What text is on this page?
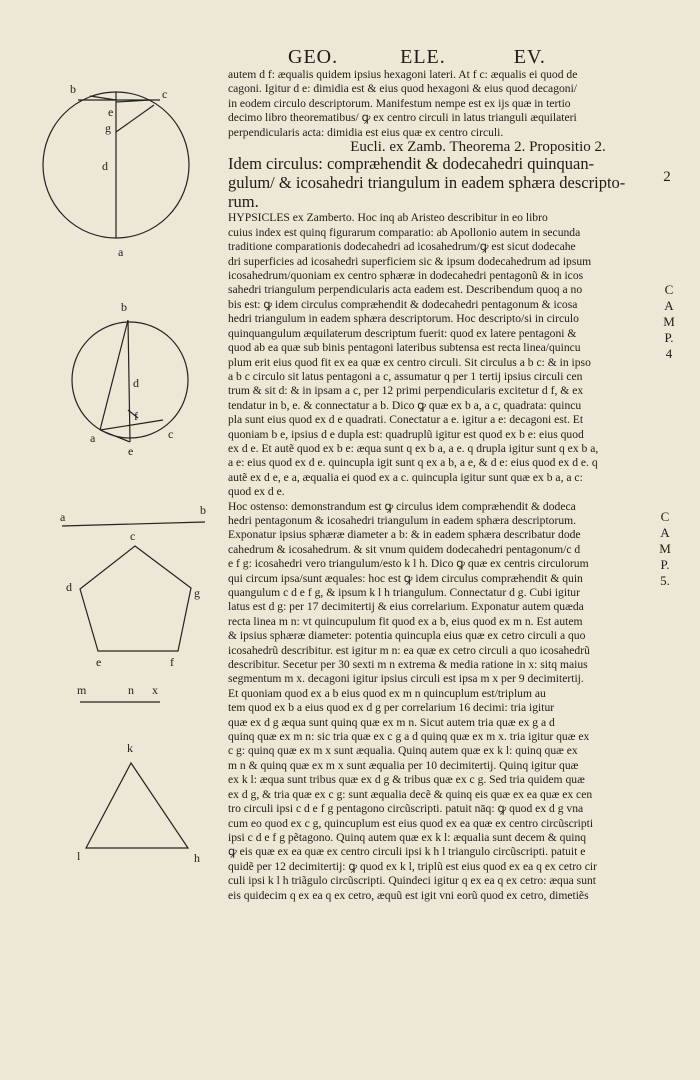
GEO.	ELE.	EV.
b	c
e
g
d
a
b
d
f
a
e
c
a	b
c
d	g
e	f
m	n x
k
l	h

autem d f: æqualis quidem ipsius hexagoni lateri. At f c: æqualis ei quod de

cagoni. Igitur d e: dimidia est & eius quod hexagoni & eius quod decagoni/

in eodem circulo descriptorum. Manifestum nempe est ex ijs quæ in tertio

decimo libro theorematibus/ ꝙ ex centro circuli in latus trianguli æquilateri

perpendicularis acta: dimidia est eius quæ ex centro circuli.

Eucli. ex Zamb. Theorema 2. Propositio 2.

Idem circulus: compræhendit & dodecahedri quinquan-

gulum/ & icosahedri triangulum in eadem sphæra descripto-

rum.

HYPSICLES ex Zamberto. Hoc inq ab Aristeo describitur in eo libro

cuius index est quinq figurarum comparatio: ab Apollonio autem in secunda

traditione comparationis dodecahedri ad icosahedrum/ꝙ est sicut dodecahe

dri superficies ad icosahedri superficiem sic & ipsum dodecahedrum ad ipsum

icosahedrum/quoniam ex centro sphæræ in dodecahedri pentagonũ & in icos

sahedri triangulum perpendicularis acta eadem est. Describendum quoq a no

bis est: ꝙ idem circulus compræhendit & dodecahedri pentagonum & icosa

hedri triangulum in eadem sphæra descriptorum. Hoc descripto/si in circulo

quinquangulum æquilaterum descriptum fuerit: quod ex latere pentagoni &

quod ab ea quæ sub binis pentagoni lateribus subtensa est recta linea/quincu

plum erit eius quod fit ex ea quæ ex centro circuli. Sit circulus a b c: & in ipso

a b c circulo sit latus pentagoni a c, assumatur q per 1 tertij ipsius circuli cen

trum & sit d: & in ipsam a c, per 12 primi perpendicularis excitetur d f, & ex

tendatur in b, e. & connectatur a b. Dico ꝙ quæ ex b a, a c, quadrata: quincu

pla sunt eius quod ex d e quadrati. Conectatur a e. igitur a e: decagoni est. Et

quoniam b e, ipsius d e dupla est: quadruplũ igitur est quod ex b e: eius quod

ex d e. Et autẽ quod ex b e: æqua sunt q ex b a, a e. q drupla igitur sunt q ex b a,

a e: eius quod ex d e. quincupla igit sunt q ex a b, a e, & d e: eius quod ex d e. q

autẽ ex d e, e a, æqualia ei quod ex a c. quincupla igitur sunt quæ ex b a, a c:

quod ex d e.

Hoc ostenso: demonstrandum est ꝙ circulus idem compræhendit & dodeca

hedri pentagonum & icosahedri triangulum in eadem sphæra descriptorum.

Exponatur ipsius sphæræ diameter a b: & in eadem sphæra describatur dode

cahedrum & icosahedrum. & sit vnum quidem dodecahedri pentagonum/c d

e f g: icosahedri vero triangulum/esto k l h. Dico ꝙ quæ ex centris circulorum

qui circum ipsa/sunt æquales: hoc est ꝙ idem circulus compræhendit & quin

quangulum c d e f g, & ipsum k l h triangulum. Connectatur d g. Cubi igitur

latus est d g: per 17 decimitertij & eius correlarium. Exponatur autem quæda

recta linea m n: vt quincupulum fit quod ex a b, eius quod ex m n. Est autem

& ipsius sphæræ diameter: potentia quincupla eius quæ ex cetro circuli a quo

icosahedrũ describitur. est igitur m n: ea quæ ex cetro circuli a quo icosahedrũ

describitur. Secetur per 30 sexti m n extrema & media ratione in x: sitq maius

segmentum m x. decagoni igitur ipsius circuli est ipsa m x per 9 decimitertij.

Et quoniam quod ex a b eius quod ex m n quincuplum est/triplum au

tem quod ex b a eius quod ex d g per correlarium 16 decimi: tria igitur

quæ ex d g æqua sunt quinq quæ ex m n. Sicut autem tria quæ ex g a d

quinq quæ ex m n: sic tria quæ ex c g a d quinq quæ ex m x. tria igitur quæ ex

c g: quinq quæ ex m x sunt æqualia. Quinq autem quæ ex k l: quinq quæ ex

m n & quinq quæ ex m x sunt æqualia per 10 decimitertij. Quinq igitur quæ

ex k l: æqua sunt tribus quæ ex d g & tribus quæ ex c g. Sed tria quidem quæ

ex d g, & tria quæ ex c g: sunt æqualia decẽ & quinq eis quæ ex ea quæ ex cen

tro circuli ipsi c d e f g pentagono circũscripti. patuit nāq: ꝙ quod ex d g vna

cum eo quod ex c g, quincuplum est eius quod ex ea quæ ex centro circũscripti

ipsi c d e f g pẽtagono. Quinq autem quæ ex k l: æqualia sunt decem & quinq

ꝙ eis quæ ex ea quæ ex centro circuli ipsi k h l triangulo circũscripti. patuit e

quidẽ per 12 decimitertij: ꝙ quod ex k l, triplũ est eius quod ex ea q ex cetro cir

culi ipsi k l h triãgulo circũscripti. Quindeci igitur q ex ea q ex cetro: æqua sunt

eis quidecim q ex ea q ex cetro, æquũ est igit vni eorũ quod ex cetro, dimetiẽs

2
C
A
M
P.
4
C
A
M
P.
5.
